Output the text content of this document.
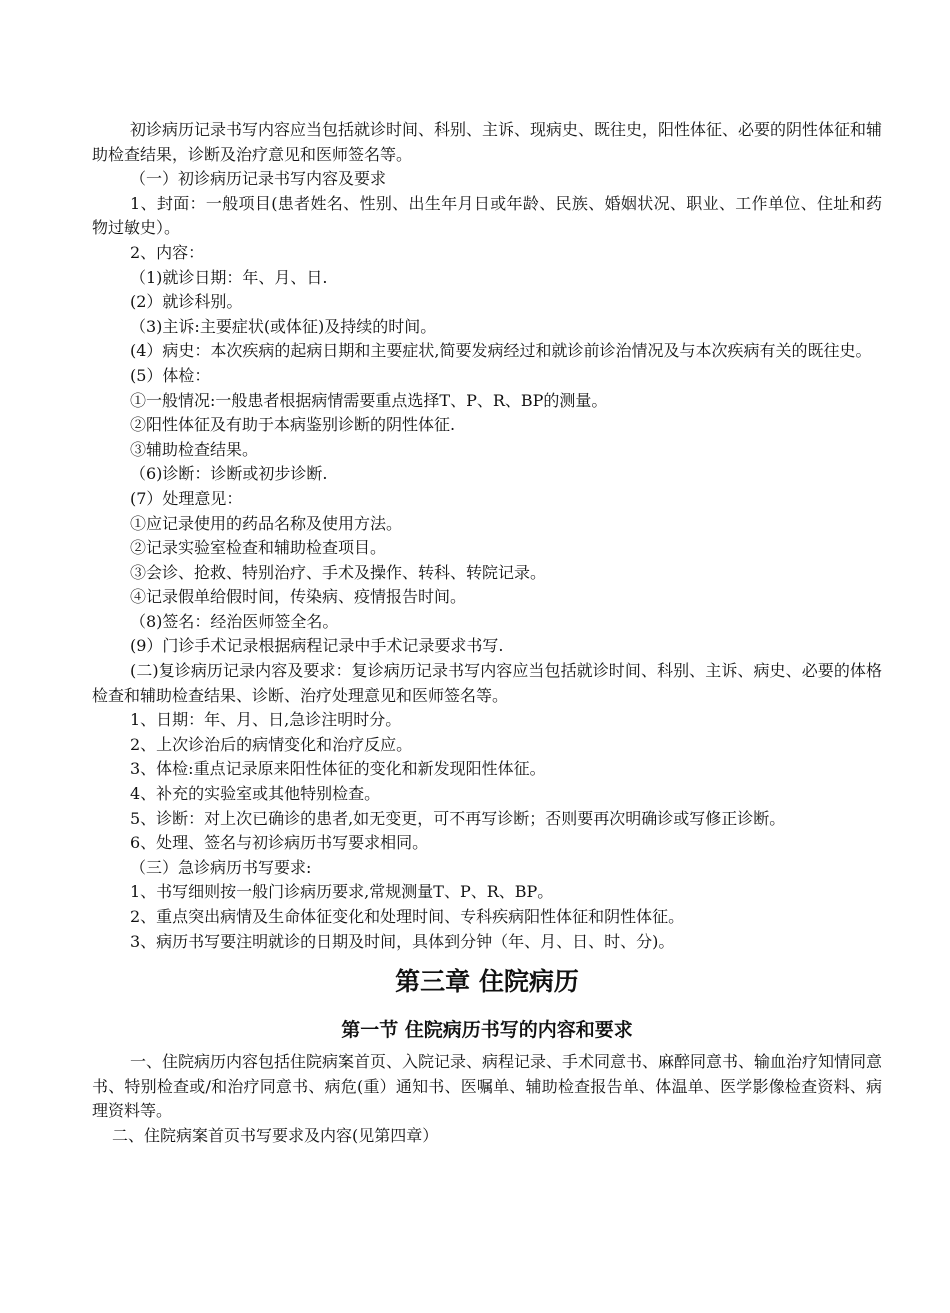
初诊病历记录书写内容应当包括就诊时间、科别、主诉、现病史、既往史，阳性体征、必要的阴性体征和辅助检查结果，诊断及治疗意见和医师签名等。

（一）初诊病历记录书写内容及要求

1、封面：一般项目(患者姓名、性别、出生年月日或年龄、民族、婚姻状况、职业、工作单位、住址和药物过敏史）。

2、内容：

（1)就诊日期：年、月、日.

(2）就诊科别。

（3)主诉:主要症状(或体征)及持续的时间。

(4）病史：本次疾病的起病日期和主要症状,简要发病经过和就诊前诊治情况及与本次疾病有关的既往史。

(5）体检：

①一般情况:一般患者根据病情需要重点选择T、P、R、BP的测量。

②阳性体征及有助于本病鉴别诊断的阴性体征.

③辅助检查结果。

（6)诊断：诊断或初步诊断.

(7）处理意见：

①应记录使用的药品名称及使用方法。

②记录实验室检查和辅助检查项目。

③会诊、抢救、特别治疗、手术及操作、转科、转院记录。

④记录假单给假时间，传染病、疫情报告时间。

（8)签名：经治医师签全名。

(9）门诊手术记录根据病程记录中手术记录要求书写.

(二)复诊病历记录内容及要求：复诊病历记录书写内容应当包括就诊时间、科别、主诉、病史、必要的体格检查和辅助检查结果、诊断、治疗处理意见和医师签名等。

1、日期：年、月、日,急诊注明时分。

2、上次诊治后的病情变化和治疗反应。

3、体检:重点记录原来阳性体征的变化和新发现阳性体征。

4、补充的实验室或其他特别检查。

5、诊断：对上次已确诊的患者,如无变更，可不再写诊断；否则要再次明确诊或写修正诊断。

6、处理、签名与初诊病历书写要求相同。

（三）急诊病历书写要求:

1、书写细则按一般门诊病历要求,常规测量T、P、R、BP。

2、重点突出病情及生命体征变化和处理时间、专科疾病阳性体征和阴性体征。

3、病历书写要注明就诊的日期及时间，具体到分钟（年、月、日、时、分)。

第三章 住院病历
第一节 住院病历书写的内容和要求

一、住院病历内容包括住院病案首页、入院记录、病程记录、手术同意书、麻醉同意书、输血治疗知情同意书、特别检查或/和治疗同意书、病危(重）通知书、医嘱单、辅助检查报告单、体温单、医学影像检查资料、病理资料等。

二、住院病案首页书写要求及内容(见第四章）
